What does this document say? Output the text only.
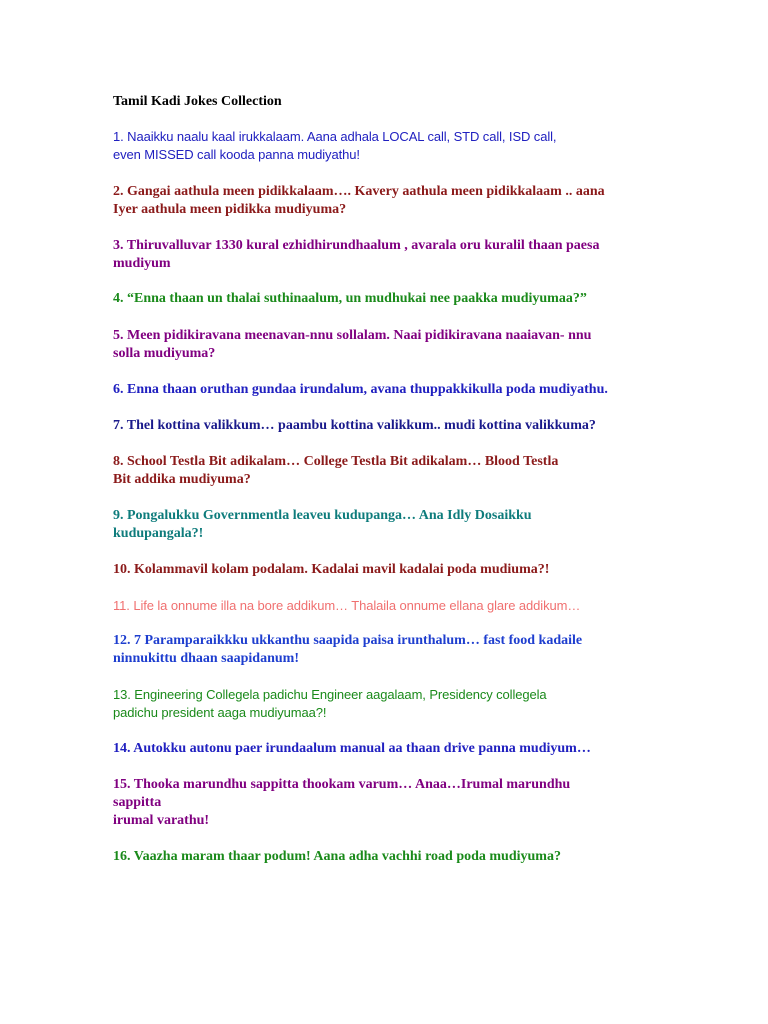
Tamil Kadi Jokes Collection

1. Naaikku naalu kaal irukkalaam. Aana adhala LOCAL call, STD call, ISD call,
even MISSED call kooda panna mudiyathu!

2. Gangai aathula meen pidikkalaam…. Kavery aathula meen pidikkalaam .. aana
Iyer aathula meen pidikka mudiyuma?

3. Thiruvalluvar 1330 kural ezhidhirundhaalum , avarala oru kuralil thaan paesa
mudiyum

4. “Enna thaan un thalai suthinaalum, un mudhukai nee paakka mudiyumaa?”

5. Meen pidikiravana meenavan-nnu sollalam. Naai pidikiravana naaiavan- nnu
solla mudiyuma?

6. Enna thaan oruthan gundaa irundalum, avana thuppakkikulla poda mudiyathu.

7. Thel kottina valikkum… paambu kottina valikkum.. mudi kottina valikkuma?

8. School Testla Bit adikalam… College Testla Bit adikalam… Blood Testla
Bit addika mudiyuma?

9. Pongalukku Governmentla leaveu kudupanga… Ana Idly Dosaikku
kudupangala?!

10. Kolammavil kolam podalam. Kadalai mavil kadalai poda mudiuma?!

11. Life la onnume illa na bore addikum… Thalaila onnume ellana glare addikum…

12. 7 Paramparaikkku ukkanthu saapida paisa irunthalum… fast food kadaile
ninnukittu dhaan saapidanum!

13. Engineering Collegela padichu Engineer aagalaam, Presidency collegela
padichu president aaga mudiyumaa?!

14. Autokku autonu paer irundaalum manual aa thaan drive panna mudiyum…

15. Thooka marundhu sappitta thookam varum… Anaa…Irumal marundhu
sappitta
irumal varathu!

16. Vaazha maram thaar podum! Aana adha vachhi road poda mudiyuma?
